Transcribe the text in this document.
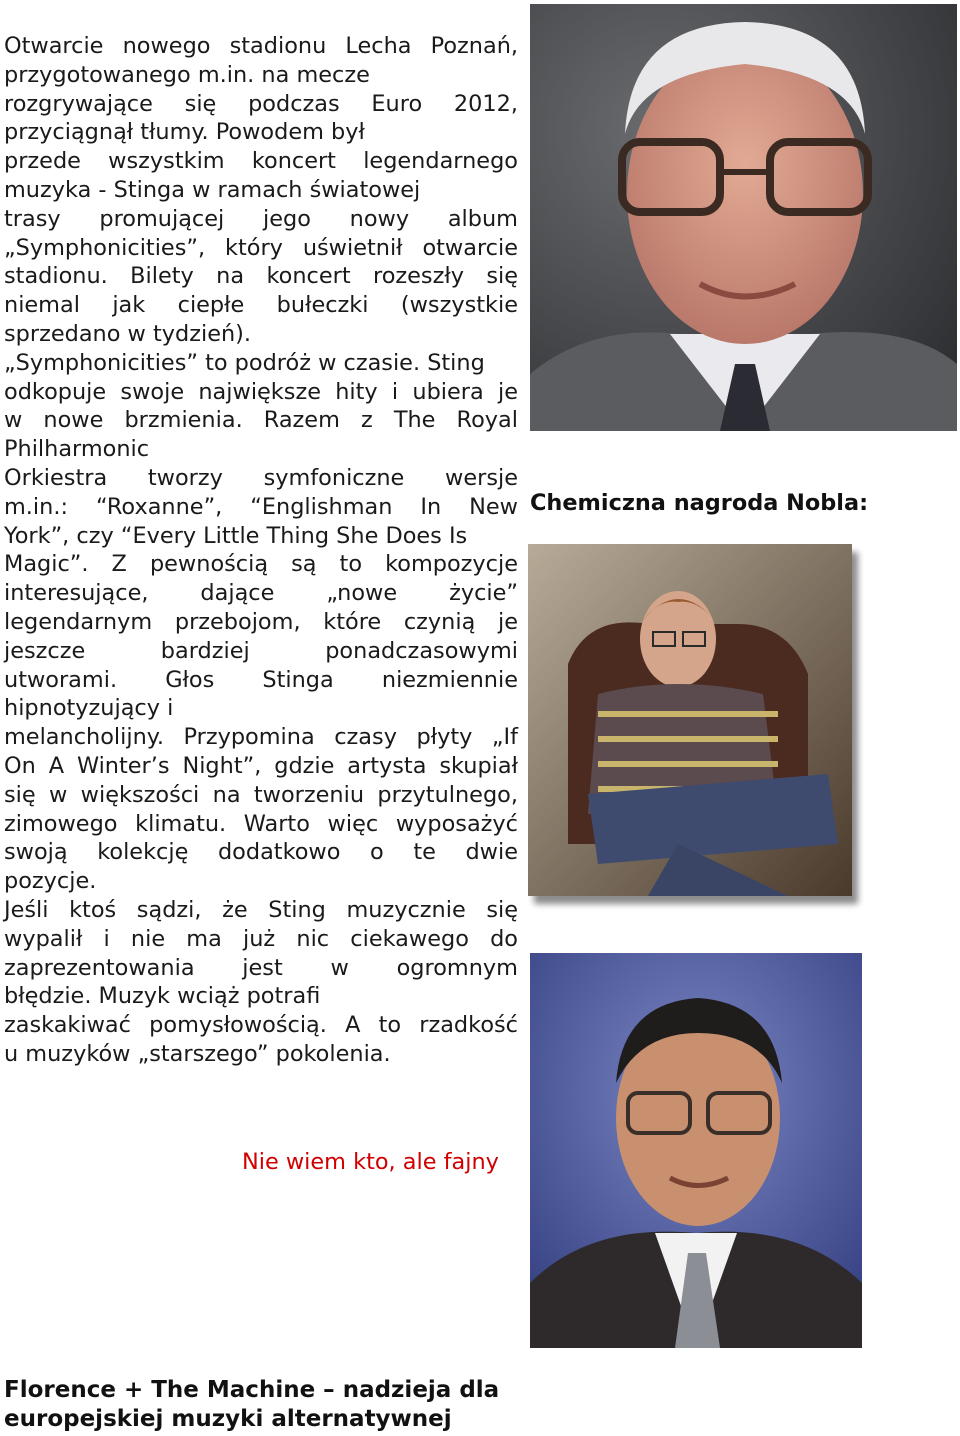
Otwarcie nowego stadionu Lecha Poznań,
przygotowanego m.in. na mecze
rozgrywające się podczas Euro 2012,
przyciągnął tłumy. Powodem był
przede wszystkim koncert legendarnego
muzyka - Stinga w ramach światowej
trasy promującej jego nowy album
„Symphonicities”, który uświetnił otwarcie
stadionu. Bilety na koncert rozeszły się
niemal jak ciepłe bułeczki (wszystkie
sprzedano w tydzień).
„Symphonicities” to podróż w czasie. Sting
odkopuje swoje największe hity i ubiera je
w nowe brzmienia. Razem z The Royal
Philharmonic
Orkiestra tworzy symfoniczne wersje
m.in.: “Roxanne”, “Englishman In New
York”, czy “Every Little Thing She Does Is
Magic”. Z pewnością są to kompozycje
interesujące, dające „nowe życie”
legendarnym przebojom, które czynią je
jeszcze bardziej ponadczasowymi
utworami. Głos Stinga niezmiennie
hipnotyzujący i
melancholijny. Przypomina czasy płyty „If
On A Winter’s Night”, gdzie artysta skupiał
się w większości na tworzeniu przytulnego,
zimowego klimatu. Warto więc wyposażyć
swoją kolekcję dodatkowo o te dwie
pozycje.
Jeśli ktoś sądzi, że Sting muzycznie się
wypalił i nie ma już nic ciekawego do
zaprezentowania jest w ogromnym
błędzie. Muzyk wciąż potrafi
zaskakiwać pomysłowością. A to rzadkość
u muzyków „starszego” pokolenia.
Nie wiem kto, ale fajny
Florence + The Machine – nadzieja dla
europejskiej muzyki alternatywnej
Chemiczna nagroda Nobla:
